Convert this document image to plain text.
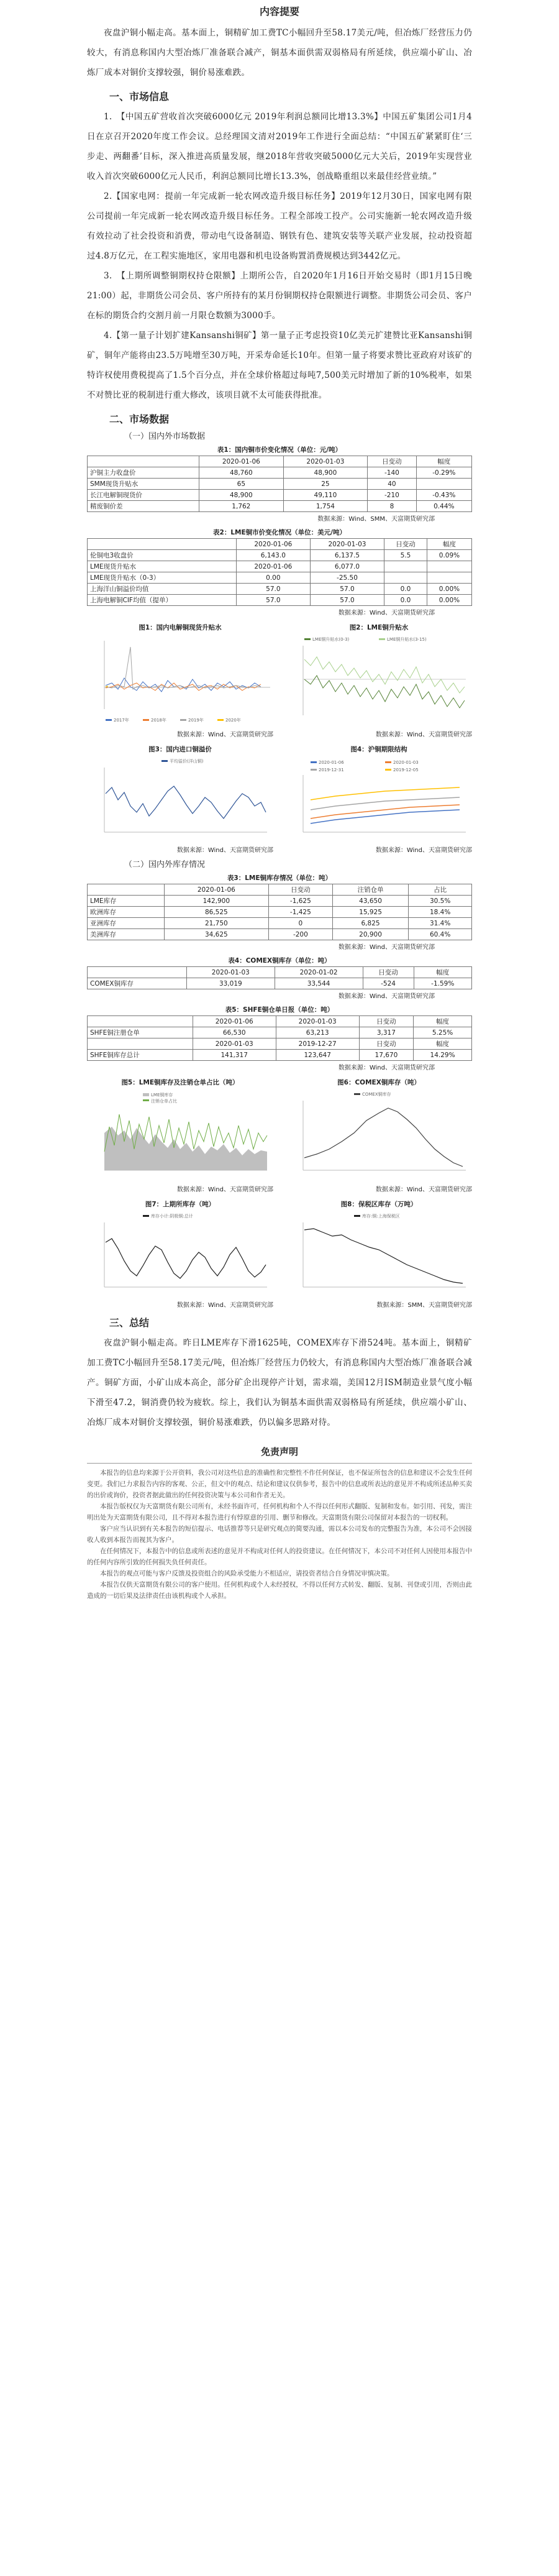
内容提要

夜盘沪铜小幅走高。基本面上，铜精矿加工费TC小幅回升至58.17美元/吨，但冶炼厂经营压力仍较大，有消息称国内大型冶炼厂准备联合减产，铜基本面供需双弱格局有所延续，供应端小矿山、冶炼厂成本对铜价支撑较强，铜价易涨难跌。

一、市场信息

1.　【中国五矿营收首次突破6000亿元 2019年利润总额同比增13.3%】中国五矿集团公司1月4日在京召开2020年度工作会议。总经理国文清对2019年工作进行全面总结：“中国五矿紧紧盯住‘三步走、两翻番’目标，深入推进高质量发展，继2018年营收突破5000亿元大关后，2019年实现营业收入首次突破6000亿元人民币，利润总额同比增长13.3%，创战略重组以来最佳经营业绩。”

2.【国家电网：提前一年完成新一轮农网改造升级目标任务】2019年12月30日，国家电网有限公司提前一年完成新一轮农网改造升级目标任务。工程全部竣工投产。公司实施新一轮农网改造升级有效拉动了社会投资和消费，带动电气设备制造、钢铁有色、建筑安装等关联产业发展，拉动投资超过4.8万亿元，在工程实施地区，家用电器和机电设备购置消费规模达到3442亿元。

3.　【上期所调整铜期权持仓限额】上期所公告，自2020年1月16日开始交易时（即1月15日晚21:00）起，非期货公司会员、客户所持有的某月份铜期权持仓限额进行调整。非期货公司会员、客户在标的期货合约交割月前一月限仓数额为3000手。

4.【第一量子计划扩建Kansanshi铜矿】第一量子正考虑投资10亿美元扩建赞比亚Kansanshi铜矿，铜年产能将由23.5万吨增至30万吨，开采寿命延长10年。但第一量子将要求赞比亚政府对该矿的特许权使用费税提高了1.5个百分点，并在全球价格超过每吨7,500美元时增加了新的10%税率，如果不对赞比亚的税制进行重大修改，该项目就不太可能获得批准。

二、市场数据
（一）国内外市场数据
表1：国内铜市价变化情况（单位：元/吨）
	2020-01-06	2020-01-03	日变动	幅度
沪铜主力收盘价	48,760	48,900	-140	-0.29%
SMM现货升贴水	65	25	40	
长江电解铜现货价	48,900	49,110	-210	-0.43%
精废铜价差	1,762	1,754	8	0.44%
数据来源：Wind、SMM、天富期货研究部
表2：LME铜市价变化情况（单位：美元/吨）
	2020-01-06	2020-01-03	日变动	幅度
伦铜电3收盘价	6,143.0	6,137.5	5.5	0.09%
LME现货升贴水	2020-01-06	6,077.0		
LME现货升贴水（0-3）	0.00	-25.50		
上海洋山铜溢价均值	57.0	57.0	0.0	0.00%
上海电解铜CIF均值（提单）	57.0	57.0	0.0	0.00%
数据来源：Wind、天富期货研究部
图1：国内电解铜现货升贴水
2017年	2018年	2019年	2020年
数据来源：Wind、天富期货研究部
图2：LME铜升贴水
LME铜升贴水(0-3)	LME铜升贴水(3-15)
数据来源：Wind、天富期货研究部
图3：国内进口铜溢价
平均溢价(洋山铜)
数据来源：Wind、天富期货研究部
图4：沪铜期限结构
2020-01-06	2020-01-03
2019-12-31	2019-12-05
数据来源：Wind、天富期货研究部
（二）国内外库存情况
表3：LME铜库存情况（单位：吨）
	2020-01-06	日变动	注销仓单	占比
LME库存	142,900	-1,625	43,650	30.5%
欧洲库存	86,525	-1,425	15,925	18.4%
亚洲库存	21,750	0	6,825	31.4%
美洲库存	34,625	-200	20,900	60.4%
数据来源：Wind、天富期货研究部
表4：COMEX铜库存（单位：吨）
	2020-01-03	2020-01-02	日变动	幅度
COMEX铜库存	33,019	33,544	-524	-1.59%
数据来源：Wind、天富期货研究部
表5：SHFE铜仓单日报（单位：吨）
	2020-01-06	2020-01-03	日变动	幅度
SHFE铜注册仓单	66,530	63,213	3,317	5.25%
	2020-01-03	2019-12-27	日变动	幅度
SHFE铜库存总计	141,317	123,647	17,670	14.29%
数据来源：Wind、天富期货研究部
图5：LME铜库存及注销仓单占比（吨）
LME铜库存
注销仓单占比
数据来源：Wind、天富期货研究部
图6：COMEX铜库存（吨）
COMEX铜库存
数据来源：Wind、天富期货研究部
图7：上期所库存（吨）
库存小计:阴极铜:总计
数据来源：Wind、天富期货研究部
图8：保税区库存（万吨）
库存:铜:上海保税区
数据来源：SMM、天富期货研究部
三、总结

夜盘沪铜小幅走高。昨日LME库存下滑1625吨，COMEX库存下滑524吨。基本面上，铜精矿加工费TC小幅回升至58.17美元/吨，但冶炼厂经营压力仍较大，有消息称国内大型冶炼厂准备联合减产。铜矿方面，小矿山成本高企，部分矿企出现停产计划，需求端，美国12月ISM制造业景气度小幅下滑至47.2，铜消费仍较为疲软。综上，我们认为铜基本面供需双弱格局有所延续，供应端小矿山、冶炼厂成本对铜价支撑较强，铜价易涨难跌，仍以偏多思路对待。

免责声明

本报告的信息均来源于公开资料，我公司对这些信息的准确性和完整性不作任何保证，也不保证所包含的信息和建议不会发生任何变更。我们已力求报告内容的客观、公正，但文中的观点、结论和建议仅供参考，报告中的信息或所表达的意见并不构成所述品种买卖的出价或询价，投资者据此做出的任何投资决策与本公司和作者无关。

本报告版权仅为天富期货有限公司所有，未经书面许可，任何机构和个人不得以任何形式翻版、复制和发布。如引用、刊发，需注明出处为天富期货有限公司，且不得对本报告进行有悖原意的引用、删节和修改。天富期货有限公司保留对本报告的一切权利。

客户应当认识到有关本报告的短信提示、电话推荐等只是研究观点的简要沟通，需以本公司发布的完整报告为准，本公司不会因接收人收到本报告而视其为客户。

在任何情况下，本报告中的信息或所表述的意见并不构成对任何人的投资建议。在任何情况下，本公司不对任何人因使用本报告中的任何内容所引致的任何损失负任何责任。

本报告的观点可能与客户反馈及投资组合的风险承受能力不相适应，请投资者结合自身情况审慎决策。

本报告仅供天富期货有限公司的客户使用。任何机构或个人未经授权，不得以任何方式转发、翻版、复制、刊登或引用，否则由此造成的一切后果及法律责任由该机构或个人承担。
